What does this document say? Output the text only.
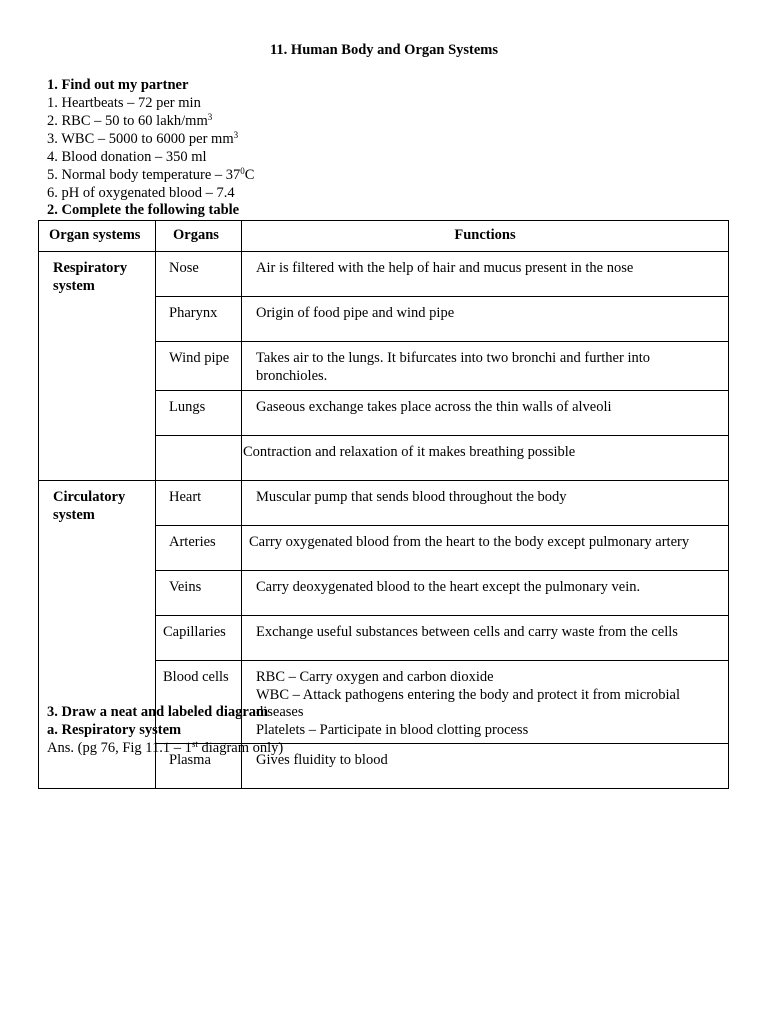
11. Human Body and Organ Systems
1. Find out my partner
1. Heartbeats – 72 per min
2. RBC – 50 to 60 lakh/$mm^3$
3. WBC – 5000 to 6000 per $mm^3$
4. Blood donation – 350 ml
5. Normal body temperature – $37^0C$
6. pH of oxygenated blood – 7.4
2. Complete the following table
Organ systems	Organs	Functions
Respiratory system	Nose	Air is filtered with the help of hair and mucus present in the nose
	Pharynx	Origin of food pipe and wind pipe
	Wind pipe	Takes air to the lungs. It bifurcates into two bronchi and further into bronchioles.
	Lungs	Gaseous exchange takes place across the thin walls of alveoli
		Contraction and relaxation of it makes breathing possible
Circulatory system	Heart	Muscular pump that sends blood throughout the body
	Arteries	Carry oxygenated blood from the heart to the body except pulmonary artery
	Veins	Carry deoxygenated blood to the heart except the pulmonary vein.
	Capillaries	Exchange useful substances between cells and carry waste from the cells
	Blood cells	RBC – Carry oxygen and carbon dioxide
WBC – Attack pathogens entering the body and protect it from microbial diseases
Platelets – Participate in blood clotting process

	Plasma	Gives fluidity to blood
3. Draw a neat and labeled diagram
a. Respiratory system
Ans. (pg 76, Fig 11.1 – 1st diagram only)
